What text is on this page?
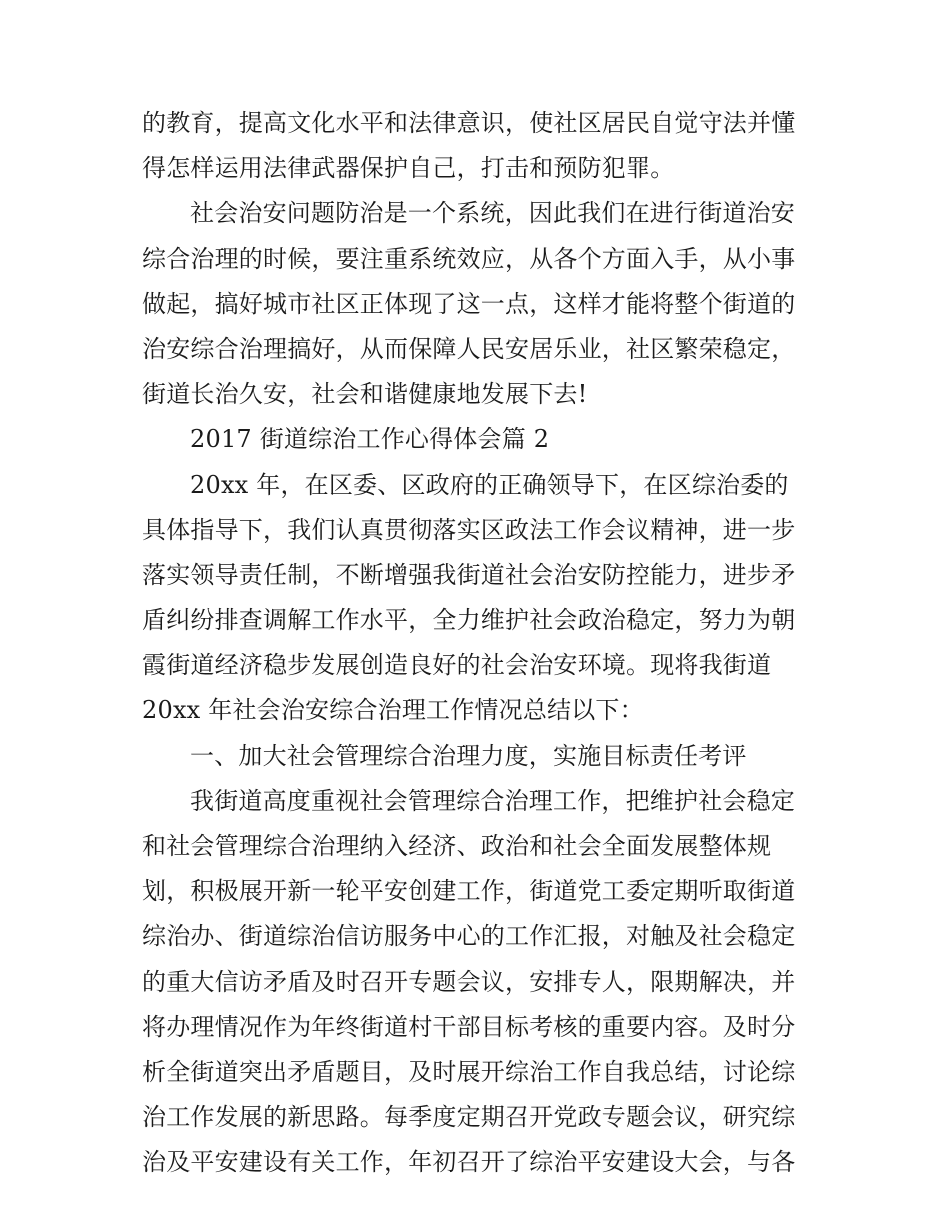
的教育，提高文化水平和法律意识，使社区居民自觉守法并懂
得怎样运用法律武器保护自己，打击和预防犯罪。
社会治安问题防治是一个系统，因此我们在进行街道治安
综合治理的时候，要注重系统效应，从各个方面入手，从小事
做起，搞好城市社区正体现了这一点，这样才能将整个街道的
治安综合治理搞好，从而保障人民安居乐业，社区繁荣稳定，
街道长治久安，社会和谐健康地发展下去!
2017 街道综治工作心得体会篇 2
20xx 年，在区委、区政府的正确领导下，在区综治委的
具体指导下，我们认真贯彻落实区政法工作会议精神，进一步
落实领导责任制，不断增强我街道社会治安防控能力，进步矛
盾纠纷排查调解工作水平，全力维护社会政治稳定，努力为朝
霞街道经济稳步发展创造良好的社会治安环境。现将我街道
20xx 年社会治安综合治理工作情况总结以下：
一、加大社会管理综合治理力度，实施目标责任考评
我街道高度重视社会管理综合治理工作，把维护社会稳定
和社会管理综合治理纳入经济、政治和社会全面发展整体规
划，积极展开新一轮平安创建工作，街道党工委定期听取街道
综治办、街道综治信访服务中心的工作汇报，对触及社会稳定
的重大信访矛盾及时召开专题会议，安排专人，限期解决，并
将办理情况作为年终街道村干部目标考核的重要内容。及时分
析全街道突出矛盾题目，及时展开综治工作自我总结，讨论综
治工作发展的新思路。每季度定期召开党政专题会议，研究综
治及平安建设有关工作，年初召开了综治平安建设大会，与各
